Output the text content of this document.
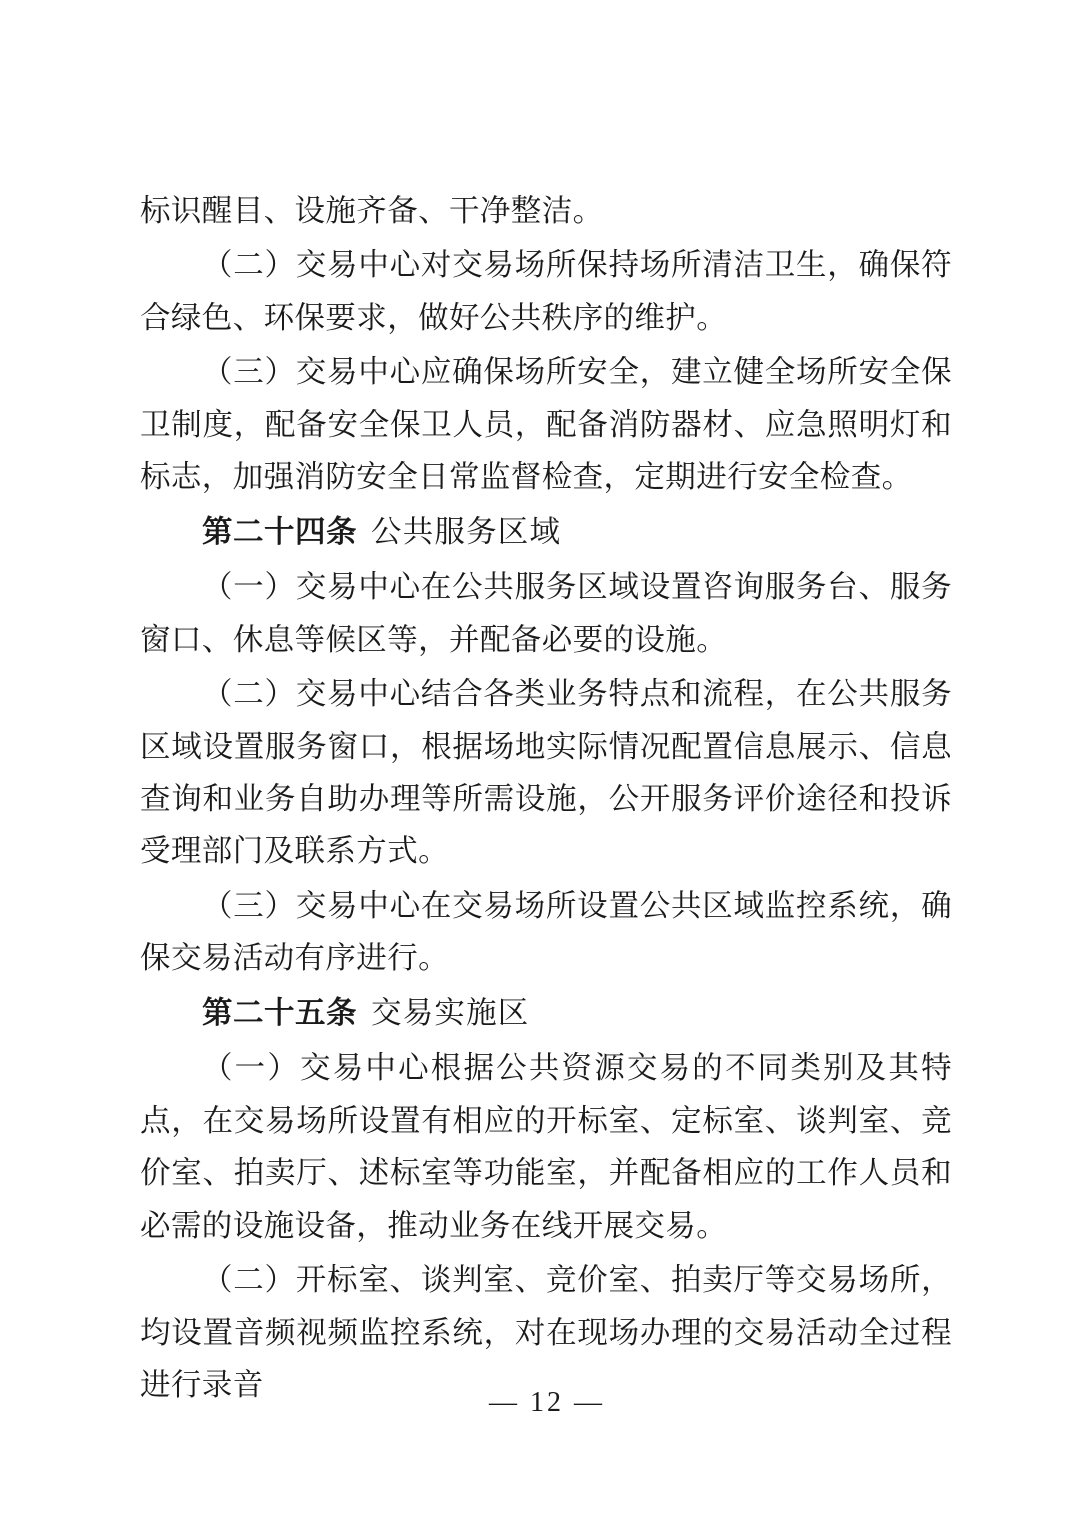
标识醒目、设施齐备、干净整洁。

（二）交易中心对交易场所保持场所清洁卫生，确保符合绿色、环保要求，做好公共秩序的维护。

（三）交易中心应确保场所安全，建立健全场所安全保卫制度，配备安全保卫人员，配备消防器材、应急照明灯和标志，加强消防安全日常监督检查，定期进行安全检查。

第二十四条 公共服务区域

（一）交易中心在公共服务区域设置咨询服务台、服务窗口、休息等候区等，并配备必要的设施。

（二）交易中心结合各类业务特点和流程，在公共服务区域设置服务窗口，根据场地实际情况配置信息展示、信息查询和业务自助办理等所需设施，公开服务评价途径和投诉受理部门及联系方式。

（三）交易中心在交易场所设置公共区域监控系统，确保交易活动有序进行。

第二十五条 交易实施区

（一）交易中心根据公共资源交易的不同类别及其特点，在交易场所设置有相应的开标室、定标室、谈判室、竞价室、拍卖厅、述标室等功能室，并配备相应的工作人员和必需的设施设备，推动业务在线开展交易。

（二）开标室、谈判室、竞价室、拍卖厅等交易场所，均设置音频视频监控系统，对在现场办理的交易活动全过程进行录音

— 12 —
